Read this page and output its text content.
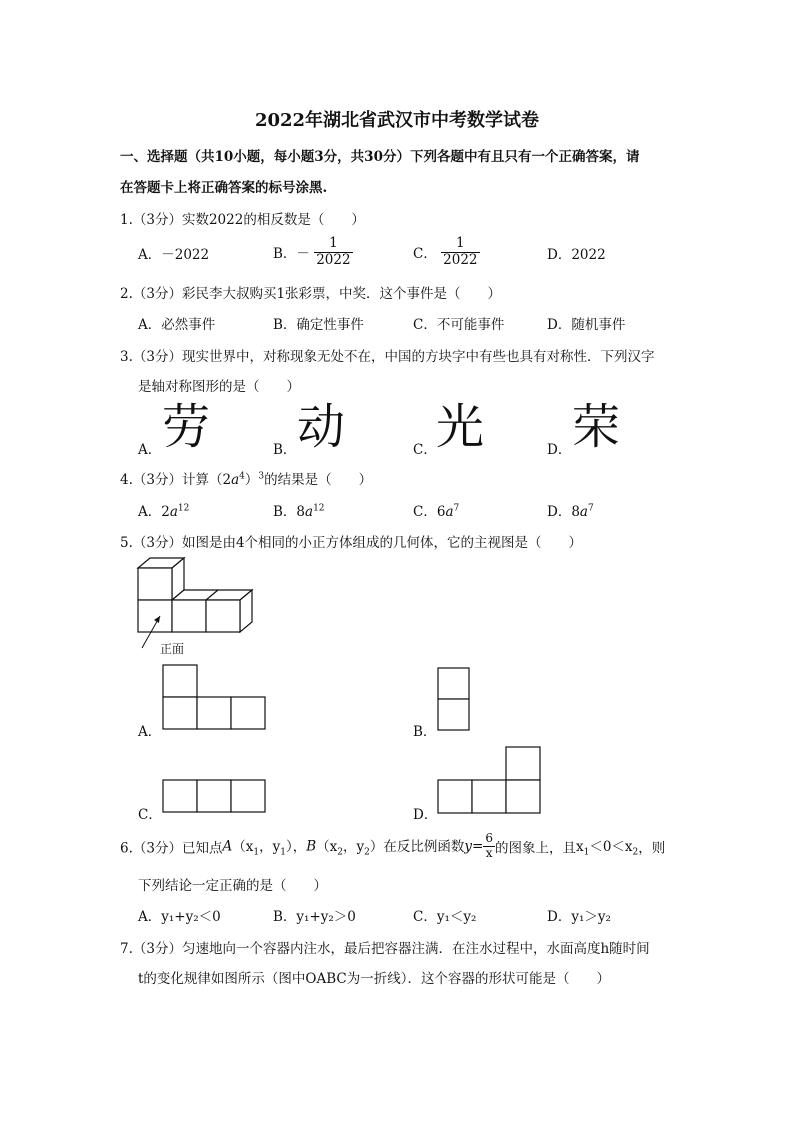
2022年湖北省武汉市中考数学试卷
一、选择题（共10小题，每小题3分，共30分）下列各题中有且只有一个正确答案，请
在答题卡上将正确答案的标号涂黑.
1.（3分）实数2022的相反数是（　　）
A．－2022	B．－ $\frac{1}{2022}$	C． $\frac{1}{2022}$	D．2022
2.（3分）彩民李大叔购买1张彩票，中奖．这个事件是（　　）
A．必然事件	B．确定性事件	C．不可能事件	D．随机事件
3.（3分）现实世界中，对称现象无处不在，中国的方块字中有些也具有对称性．下列汉字
是轴对称图形的是（　　）
A． 劳	B． 动	C． 光	D． 荣
4.（3分）计算$(2a^4)^3$的结果是（　　）
A．$2a^{12}$	B．$8a^{12}$	C．$6a^7$	D．$8a^7$
5.（3分）如图是由4个相同的小正方体组成的几何体，它的主视图是（　　）
正面
A．	B．
C．	D．
6.（3分）已知点$A(x_1$，$y_1$），$B(x_2$，$y_2$）在反比例函数$y= \frac{6}{x}$ 的图象上，且$x_1<0<x_2$，则
下列结论一定正确的是（　　）
A．y₁+y₂＜0	B．y₁+y₂＞0	C．y₁＜y₂	D．y₁＞y₂
7.（3分）匀速地向一个容器内注水，最后把容器注满．在注水过程中，水面高度h随时间
t的变化规律如图所示（图中OABC为一折线）．这个容器的形状可能是（　　）
